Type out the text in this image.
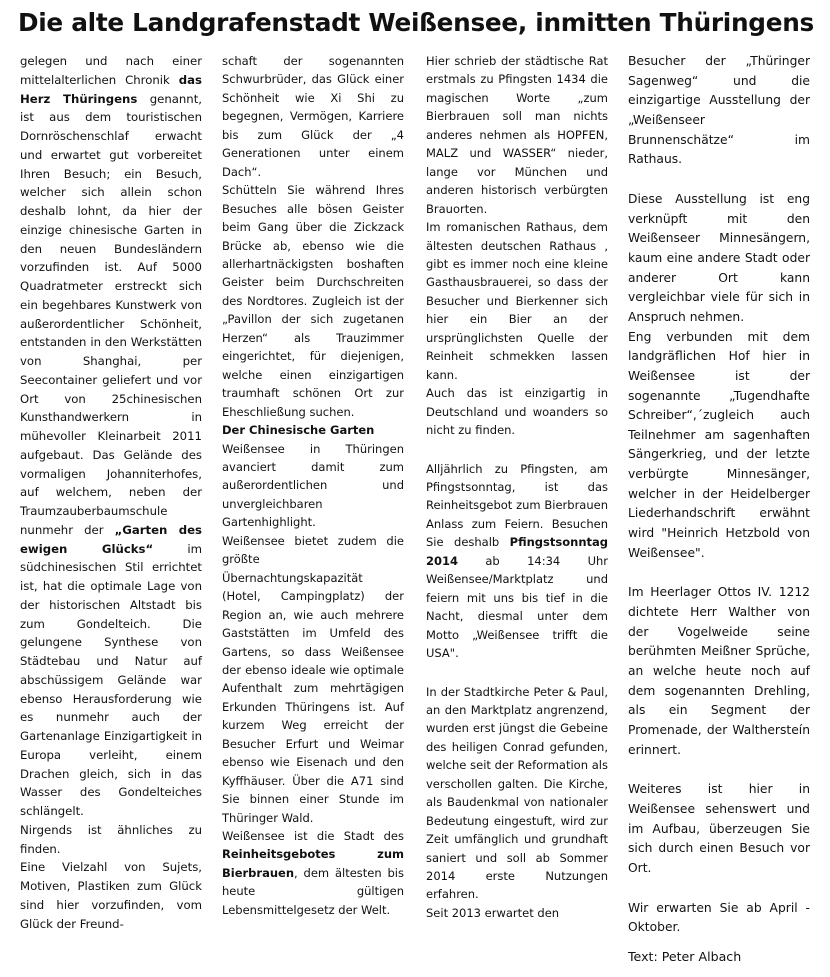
Die alte Landgrafenstadt Weißensee, inmitten Thüringens

gelegen und nach einer mittelalterlichen Chronik das Herz Thüringens genannt, ist aus dem touristischen Dornröschenschlaf erwacht und erwartet gut vorbereitet Ihren Besuch; ein Besuch, welcher sich allein schon deshalb lohnt, da hier der einzige chinesische Garten in den neuen Bundesländern vorzufinden ist. Auf 5000 Quadratmeter erstreckt sich ein begehbares Kunstwerk von außerordentlicher Schönheit, entstanden in den Werkstätten von Shanghai, per Seecontainer geliefert und vor Ort von 25chinesischen Kunsthandwerkern in mühevoller Kleinarbeit 2011 aufgebaut. Das Gelände des vormaligen Johanniterhofes, auf welchem, neben der Traumzauberbaumschule nunmehr der „Garten des ewigen Glücks“ im südchinesischen Stil errichtet ist, hat die optimale Lage von der historischen Altstadt bis zum Gondelteich. Die gelungene Synthese von Städtebau und Natur auf abschüssigem Gelände war ebenso Herausforderung wie es nunmehr auch der Gartenanlage Einzigartigkeit in Europa verleiht, einem Drachen gleich, sich in das Wasser des Gondelteiches schlängelt.

Nirgends ist ähnliches zu finden.

Eine Vielzahl von Sujets, Motiven, Plastiken zum Glück sind hier vorzufinden, vom Glück der Freund-

schaft der sogenannten Schwurbrüder, das Glück einer Schönheit wie Xi Shi zu begegnen, Vermögen, Karriere bis zum Glück der „4 Generationen unter einem Dach“.

Schütteln Sie während Ihres Besuches alle bösen Geister beim Gang über die Zickzack Brücke ab, ebenso wie die allerhartnäckigsten boshaften Geister beim Durchschreiten des Nordtores. Zugleich ist der „Pavillon der sich zugetanen Herzen“ als Trauzimmer eingerichtet, für diejenigen, welche einen einzigartigen traumhaft schönen Ort zur Eheschließung suchen.

Der Chinesische Garten

Weißensee in Thüringen avanciert damit zum außerordentlichen und unvergleichbaren Gartenhighlight.

Weißensee bietet zudem die größte Übernachtungskapazität (Hotel, Campingplatz) der Region an, wie auch mehrere Gaststätten im Umfeld des Gartens, so dass Weißensee der ebenso ideale wie optimale Aufenthalt zum mehrtägigen Erkunden Thüringens ist. Auf kurzem Weg erreicht der Besucher Erfurt und Weimar ebenso wie Eisenach und den Kyffhäuser. Über die A71 sind Sie binnen einer Stunde im Thüringer Wald.

Weißensee ist die Stadt des Reinheitsgebotes zum Bierbrauen, dem ältesten bis heute gültigen Lebensmittelgesetz der Welt.

Hier schrieb der städtische Rat erstmals zu Pfingsten 1434 die magischen Worte „zum Bierbrauen soll man nichts anderes nehmen als HOPFEN, MALZ und WASSER“ nieder, lange vor München und anderen historisch verbürgten Brauorten.

Im romanischen Rathaus, dem ältesten deutschen Rathaus , gibt es immer noch eine kleine Gasthausbrauerei, so dass der Besucher und Bierkenner sich hier ein Bier an der ursprünglichsten Quelle der Reinheit schmekken lassen kann.

Auch das ist einzigartig in Deutschland und woanders so nicht zu finden.

Alljährlich zu Pfingsten, am Pfingstsonntag, ist das Reinheitsgebot zum Bierbrauen Anlass zum Feiern. Besuchen Sie deshalb Pfingstsonntag 2014 ab 14:34 Uhr Weißensee/Marktplatz und feiern mit uns bis tief in die Nacht, diesmal unter dem Motto „Weißensee trifft die USA".

In der Stadtkirche Peter & Paul, an den Marktplatz angrenzend, wurden erst jüngst die Gebeine des heiligen Conrad gefunden, welche seit der Reformation als verschollen galten. Die Kirche, als Baudenkmal von nationaler Bedeutung eingestuft, wird zur Zeit umfänglich und grundhaft saniert und soll ab Sommer 2014 erste Nutzungen erfahren.

Seit 2013 erwartet den

Besucher der „Thüringer Sagenweg“ und die einzigartige Ausstellung der „Weißenseer Brunnenschätze“ im Rathaus.

Diese Ausstellung ist eng verknüpft mit den Weißenseer Minnesängern, kaum eine andere Stadt oder anderer Ort kann vergleichbar viele für sich in Anspruch nehmen.

Eng verbunden mit dem landgräflichen Hof hier in Weißensee ist der sogenannte „Tugendhafte Schreiber“,´zugleich auch Teilnehmer am sagenhaften Sängerkrieg, und der letzte verbürgte Minnesänger, welcher in der Heidelberger Liederhandschrift erwähnt wird "Heinrich Hetzbold von Weißensee".

Im Heerlager Ottos IV. 1212 dichtete Herr Walther von der Vogelweide seine berühmten Meißner Sprüche, an welche heute noch auf dem sogenannten Drehling, als ein Segment der Promenade, der Walthersteín erinnert.

Weiteres ist hier in Weißensee sehenswert und im Aufbau, überzeugen Sie sich durch einen Besuch vor Ort.

Wir erwarten Sie ab April - Oktober.

Text: Peter Albach
